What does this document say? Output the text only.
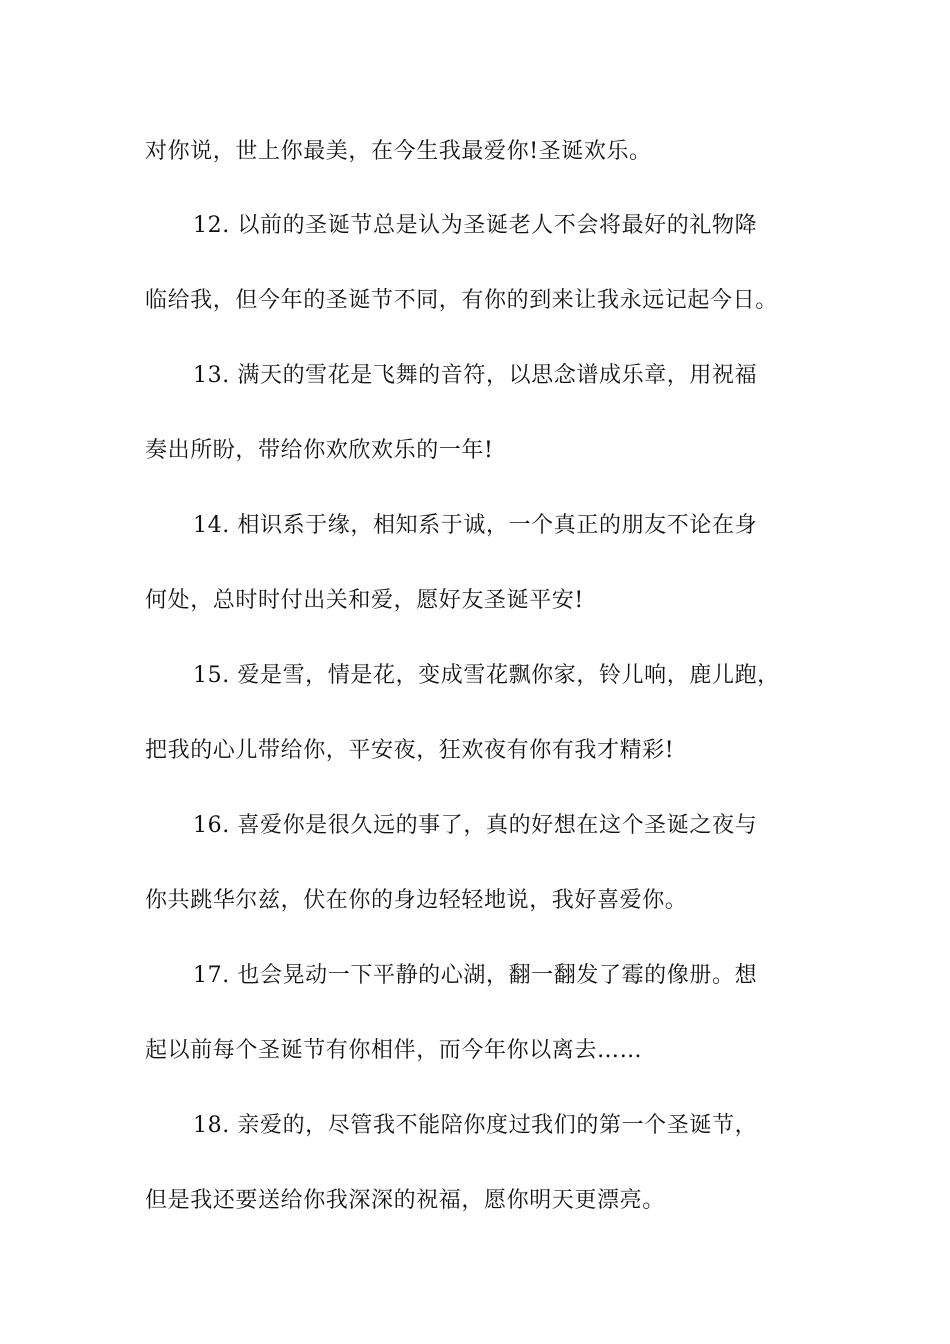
对你说，世上你最美，在今生我最爱你!圣诞欢乐。
12. 以前的圣诞节总是认为圣诞老人不会将最好的礼物降
临给我，但今年的圣诞节不同，有你的到来让我永远记起今日。
13. 满天的雪花是飞舞的音符，以思念谱成乐章，用祝福
奏出所盼，带给你欢欣欢乐的一年!
14. 相识系于缘，相知系于诚，一个真正的朋友不论在身
何处，总时时付出关和爱，愿好友圣诞平安!
15. 爱是雪，情是花，变成雪花飘你家，铃儿响，鹿儿跑，
把我的心儿带给你，平安夜，狂欢夜有你有我才精彩!
16. 喜爱你是很久远的事了，真的好想在这个圣诞之夜与
你共跳华尔兹，伏在你的身边轻轻地说，我好喜爱你。
17. 也会晃动一下平静的心湖，翻一翻发了霉的像册。想
起以前每个圣诞节有你相伴，而今年你以离去……
18. 亲爱的，尽管我不能陪你度过我们的第一个圣诞节，
但是我还要送给你我深深的祝福，愿你明天更漂亮。
